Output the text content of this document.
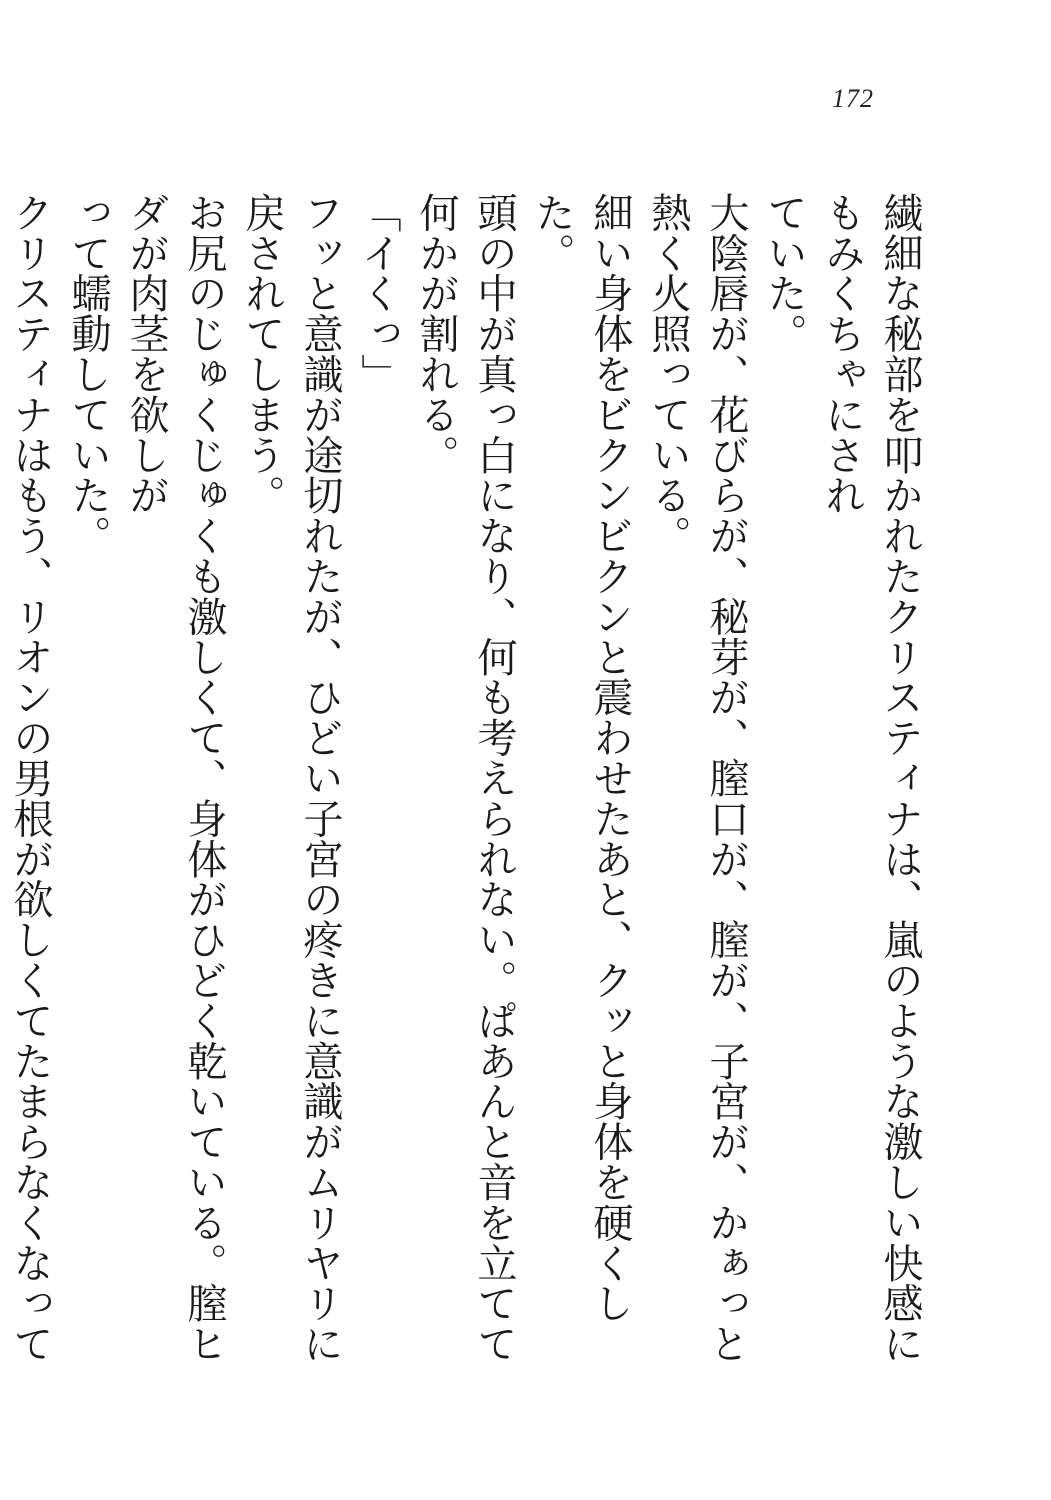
172

繊細な秘部を叩かれたクリスティナは、嵐のような激しい快感にもみくちゃにされ

ていた。

大陰唇が、花びらが、秘芽が、膣口が、膣が、子宮が、かぁっと熱く火照っている。

細い身体をビクンビクンと震わせたあと、クッと身体を硬くした。

頭の中が真っ白になり、何も考えられない。ぱあんと音を立てて何かが割れる。

「イくっ」

フッと意識が途切れたが、ひどい子宮の疼きに意識がムリヤリに戻されてしまう。

お尻のじゅくじゅくも激しくて、身体がひどく乾いている。膣ヒダが肉茎を欲しが

って蠕動していた。

クリスティナはもう、リオンの男根が欲しくてたまらなくなって
